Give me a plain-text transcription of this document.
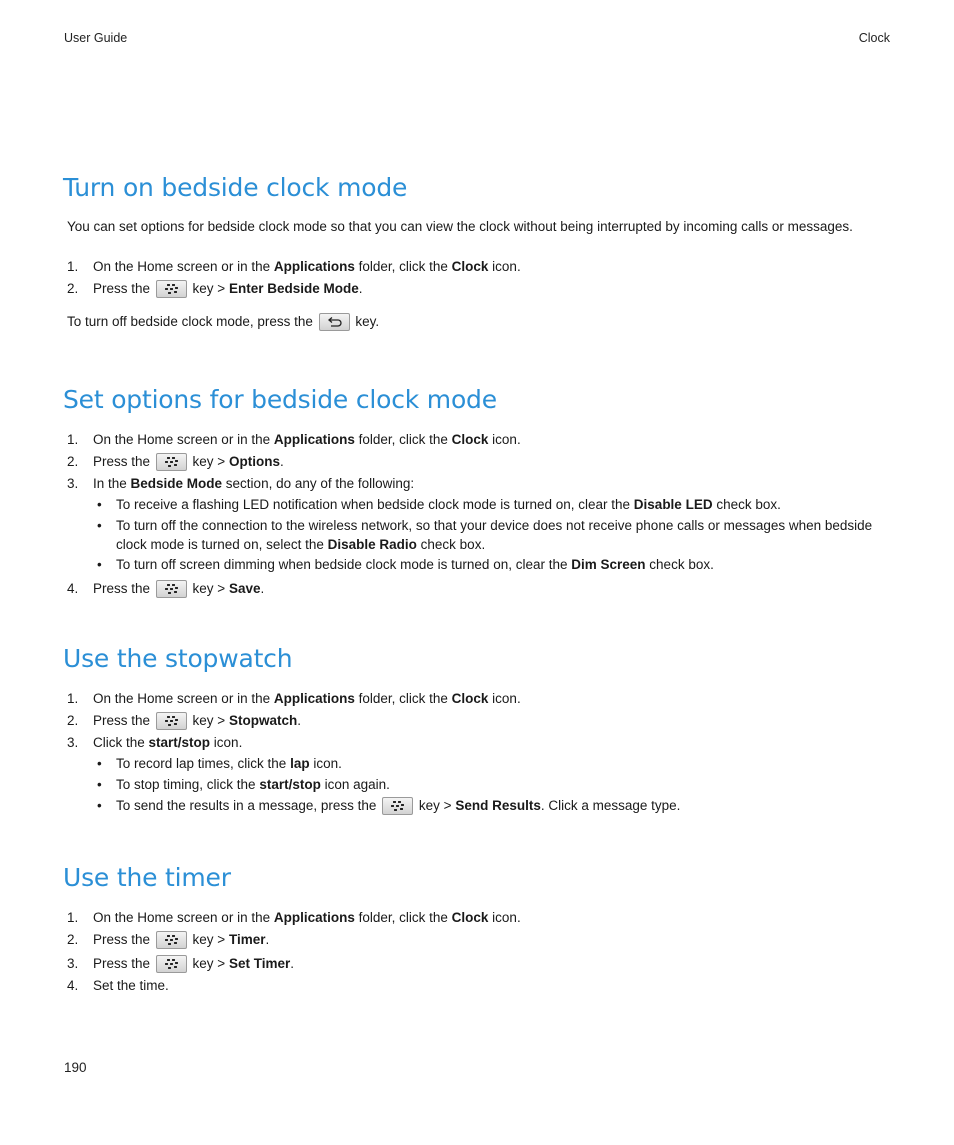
User Guide	Clock
Turn on bedside clock mode
You can set options for bedside clock mode so that you can view the clock without being interrupted by incoming calls or messages.
1.	On the Home screen or in the Applications folder, click the Clock icon.
2.	Press the	key > Enter Bedside Mode.
To turn off bedside clock mode, press the	key.
Set options for bedside clock mode
1.	On the Home screen or in the Applications folder, click the Clock icon.
2.	Press the	key > Options.
3.	In the Bedside Mode section, do any of the following:
• To receive a flashing LED notification when bedside clock mode is turned on, clear the Disable LED check box.
• To turn off the connection to the wireless network, so that your device does not receive phone calls or messages when bedside clock mode is turned on, select the Disable Radio check box.
• To turn off screen dimming when bedside clock mode is turned on, clear the Dim Screen check box.
4.	Press the	key > Save.
Use the stopwatch
1.	On the Home screen or in the Applications folder, click the Clock icon.
2.	Press the	key > Stopwatch.
3.	Click the start/stop icon.
• To record lap times, click the lap icon.
• To stop timing, click the start/stop icon again.
• To send the results in a message, press the	key > Send Results. Click a message type.
Use the timer
1.	On the Home screen or in the Applications folder, click the Clock icon.
2.	Press the	key > Timer.
3.	Press the	key > Set Timer.
4.	Set the time.
190
